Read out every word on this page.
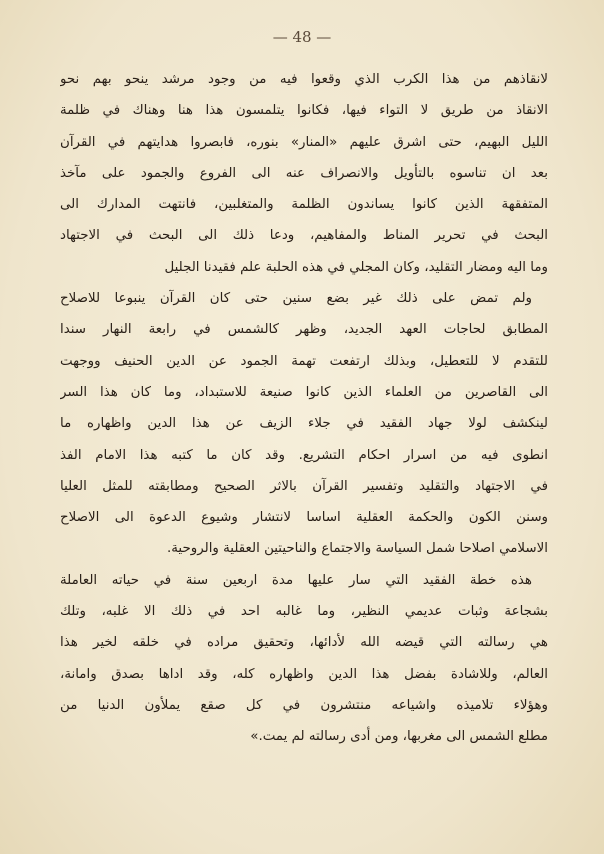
— 48 —
لانقاذهم من هذا الكرب الذي وقعوا فيه من وجود مرشد ينحو بهم نحو
الانقاذ من طريق لا التواء فيها، فكانوا يتلمسون هذا هنا وهناك في ظلمة
الليل البهيم، حتى اشرق عليهم «المنار» بنوره، فابصروا هدايتهم في القرآن
بعد ان تناسوه بالتأويل والانصراف عنه الى الفروع والجمود على مآخذ
المتفقهة الذين كانوا يساندون الظلمة والمتغلبين، فانتهت المدارك الى
البحث في تحرير المناط والمفاهيم، ودعا ذلك الى البحث في الاجتهاد
وما اليه ومضار التقليد، وكان المجلي في هذه الحلبة علم فقيدنا الجليل
ولم تمض على ذلك غير بضع سنين حتى كان القرآن ينبوعا للاصلاح
المطابق لحاجات العهد الجديد، وظهر كالشمس في رابعة النهار سندا
للتقدم لا للتعطيل، وبذلك ارتفعت تهمة الجمود عن الدين الحنيف ووجهت
الى القاصرين من العلماء الذين كانوا صنيعة للاستبداد، وما كان هذا السر
لينكشف لولا جهاد الفقيد في جلاء الزيف عن هذا الدين واظهاره ما
انطوى فيه من اسرار احكام التشريع. وقد كان ما كتبه هذا الامام الفذ
في الاجتهاد والتقليد وتفسير القرآن بالاثر الصحيح ومطابقته للمثل العليا
وسنن الكون والحكمة العقلية اساسا لانتشار وشيوع الدعوة الى الاصلاح
الاسلامي اصلاحا شمل السياسة والاجتماع والناحيتين العقلية والروحية.
هذه خطة الفقيد التي سار عليها مدة اربعين سنة في حياته العاملة
بشجاعة وثبات عديمي النظير، وما غالبه احد في ذلك الا غلبه، وتلك
هي رسالته التي قيضه الله لأدائها، وتحقيق مراده في خلقه لخير هذا
العالم، وللاشادة بفضل هذا الدين واظهاره كله، وقد اداها بصدق وامانة،
وهؤلاء تلاميذه واشياعه منتشرون في كل صقع يملأون الدنيا من
مطلع الشمس الى مغربها، ومن أدى رسالته لم يمت.»
